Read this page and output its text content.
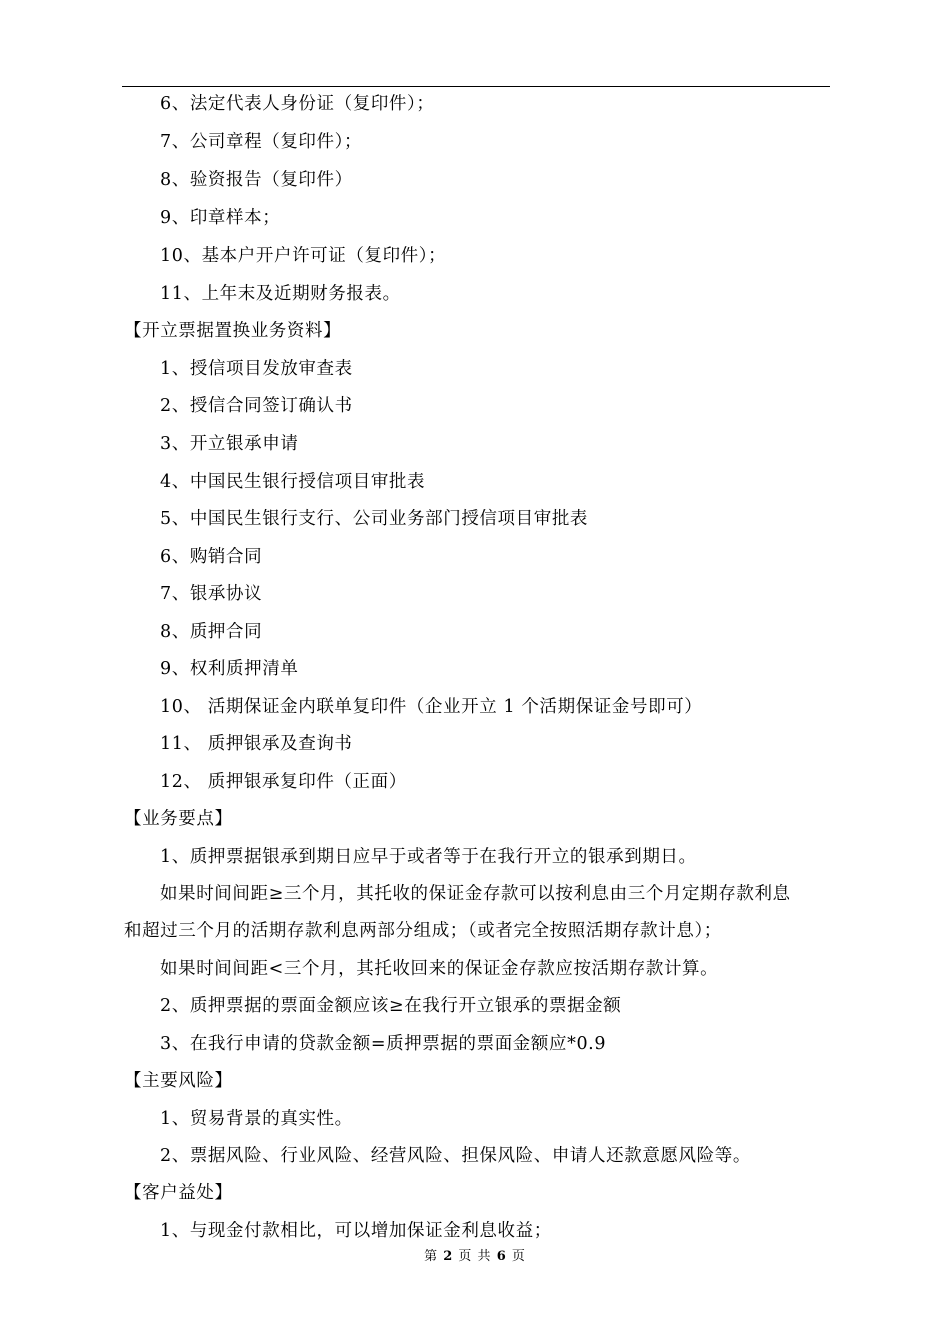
6、法定代表人身份证（复印件）；
7、公司章程（复印件）；
8、验资报告（复印件）
9、印章样本；
10、基本户开户许可证（复印件）；
11、上年末及近期财务报表。
【开立票据置换业务资料】
1、授信项目发放审查表
2、授信合同签订确认书
3、开立银承申请
4、中国民生银行授信项目审批表
5、中国民生银行支行、公司业务部门授信项目审批表
6、购销合同
7、银承协议
8、质押合同
9、权利质押清单
10、 活期保证金内联单复印件（企业开立 1 个活期保证金号即可）
11、 质押银承及查询书
12、 质押银承复印件（正面）
【业务要点】
1、质押票据银承到期日应早于或者等于在我行开立的银承到期日。
如果时间间距≥三个月，其托收的保证金存款可以按利息由三个月定期存款利息
和超过三个月的活期存款利息两部分组成；（或者完全按照活期存款计息）；
如果时间间距<三个月，其托收回来的保证金存款应按活期存款计算。
2、质押票据的票面金额应该≥在我行开立银承的票据金额
3、在我行申请的贷款金额=质押票据的票面金额应*0.9
【主要风险】
1、贸易背景的真实性。
2、票据风险、行业风险、经营风险、担保风险、申请人还款意愿风险等。
【客户益处】
1、与现金付款相比，可以增加保证金利息收益；
第 2 页 共 6 页
